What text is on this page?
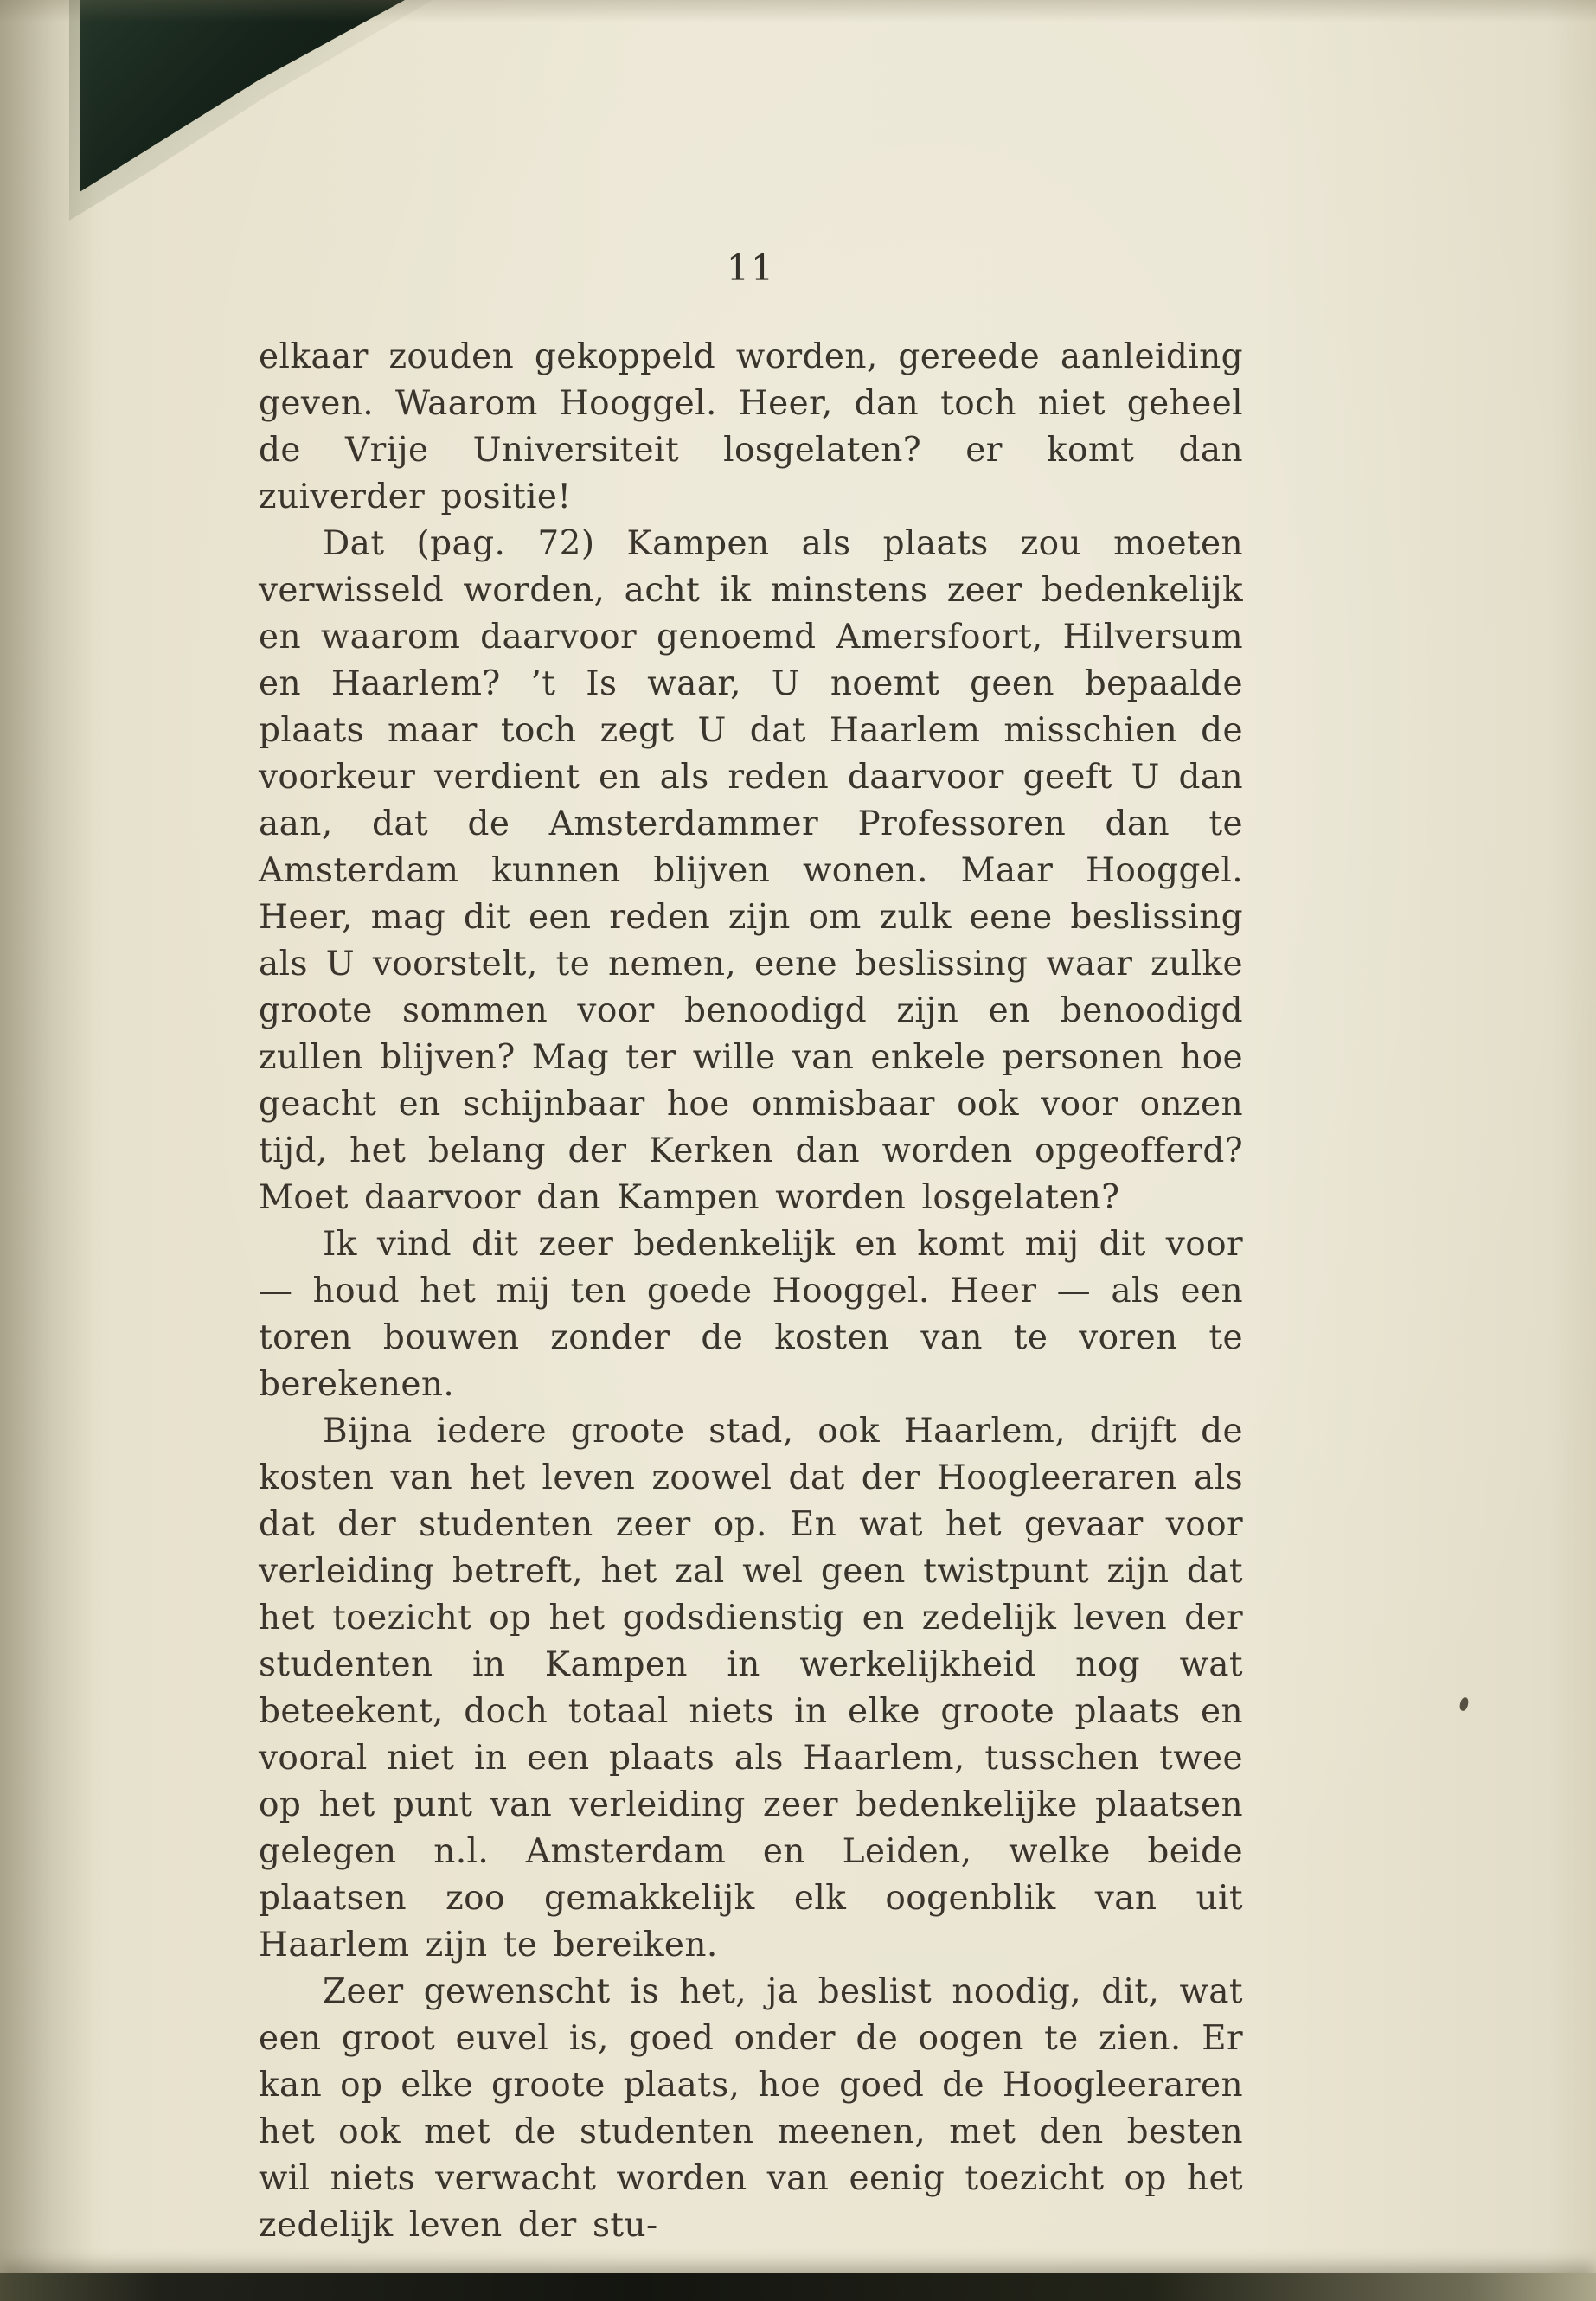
11

elkaar zouden gekoppeld worden, gereede aanleiding geven. Waarom Hooggel. Heer, dan toch niet geheel de Vrije Universiteit losgelaten? er komt dan zuiverder positie!

Dat (pag. 72) Kampen als plaats zou moeten verwisseld worden, acht ik minstens zeer bedenkelijk en waarom daarvoor genoemd Amersfoort, Hilversum en Haarlem? ’t Is waar, U noemt geen bepaalde plaats maar toch zegt U dat Haarlem misschien de voorkeur verdient en als reden daarvoor geeft U dan aan, dat de Amsterdammer Professoren dan te Amsterdam kunnen blijven wonen. Maar Hooggel. Heer, mag dit een reden zijn om zulk eene beslissing als U voorstelt, te nemen, eene beslissing waar zulke groote sommen voor benoodigd zijn en benoodigd zullen blijven? Mag ter wille van enkele personen hoe geacht en schijnbaar hoe onmisbaar ook voor onzen tijd, het belang der Kerken dan worden opgeofferd? Moet daarvoor dan Kampen worden losgelaten?

Ik vind dit zeer bedenkelijk en komt mij dit voor — houd het mij ten goede Hooggel. Heer — als een toren bouwen zonder de kosten van te voren te berekenen.

Bijna iedere groote stad, ook Haarlem, drijft de kosten van het leven zoowel dat der Hoogleeraren als dat der studenten zeer op. En wat het gevaar voor verleiding betreft, het zal wel geen twistpunt zijn dat het toezicht op het godsdienstig en zedelijk leven der studenten in Kampen in werkelijkheid nog wat beteekent, doch totaal niets in elke groote plaats en vooral niet in een plaats als Haarlem, tusschen twee op het punt van verleiding zeer bedenkelijke plaatsen gelegen n.l. Amsterdam en Leiden, welke beide plaatsen zoo gemakkelijk elk oogenblik van uit Haarlem zijn te bereiken.

Zeer gewenscht is het, ja beslist noodig, dit, wat een groot euvel is, goed onder de oogen te zien. Er kan op elke groote plaats, hoe goed de Hoogleeraren het ook met de studenten meenen, met den besten wil niets verwacht worden van eenig toezicht op het zedelijk leven der stu-
